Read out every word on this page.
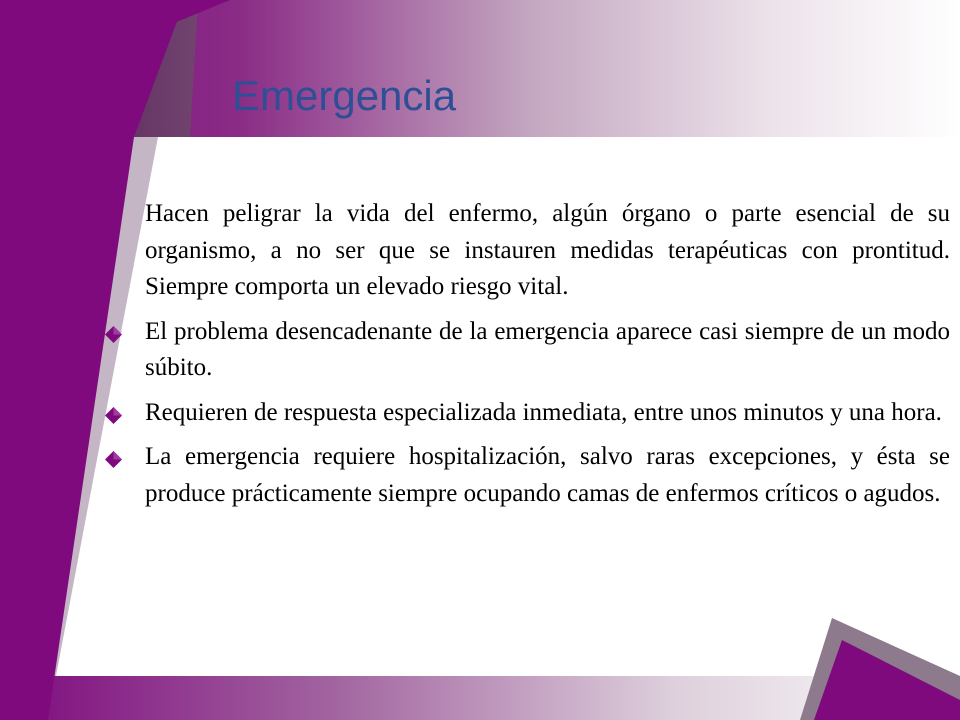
Emergencia
Hacen peligrar la vida del enfermo, algún órgano o parte esencial de su organismo, a no ser que se instauren medidas terapéuticas con prontitud. Siempre comporta un elevado riesgo vital.
El problema desencadenante de la emergencia aparece casi siempre de un modo súbito.
Requieren de respuesta especializada inmediata, entre unos minutos y una hora.
La emergencia requiere hospitalización, salvo raras excepciones, y ésta se produce prácticamente siempre ocupando camas de enfermos críticos o agudos.
